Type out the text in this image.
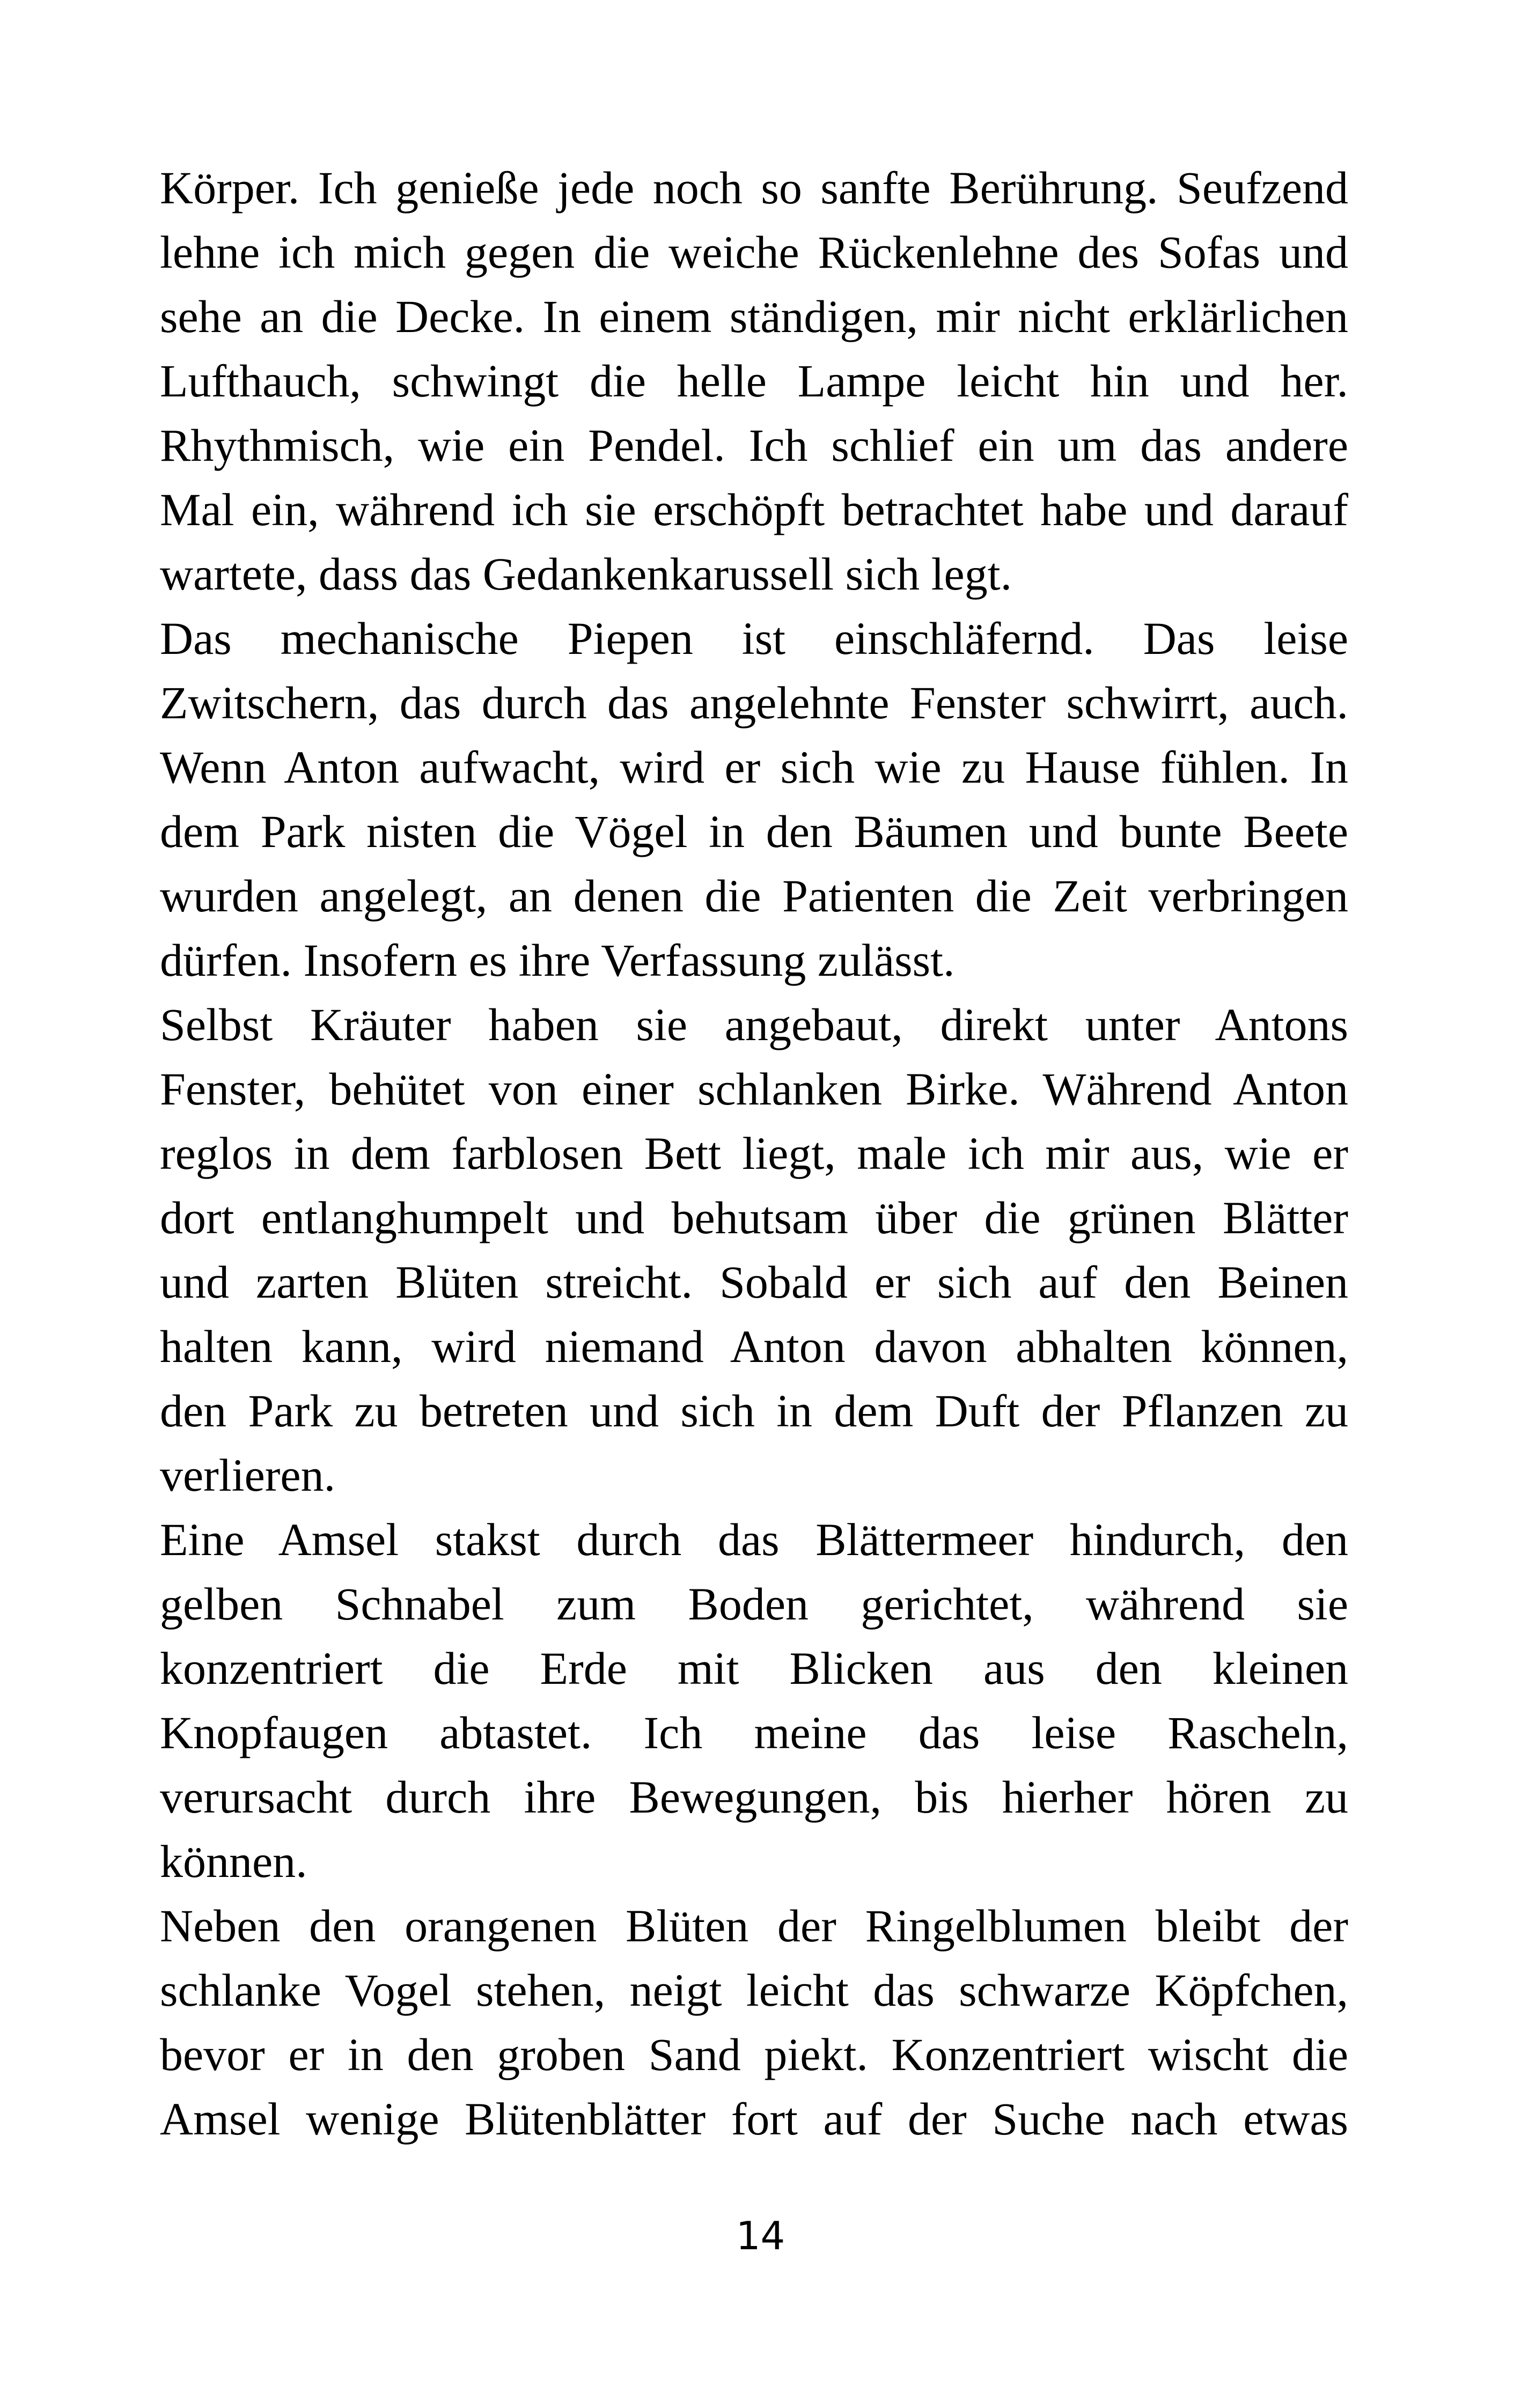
Körper. Ich genieße jede noch so sanfte Berührung. Seufzend
lehne ich mich gegen die weiche Rückenlehne des Sofas und
sehe an die Decke. In einem ständigen, mir nicht erklärlichen
Lufthauch, schwingt die helle Lampe leicht hin und her.
Rhythmisch, wie ein Pendel. Ich schlief ein um das andere
Mal ein, während ich sie erschöpft betrachtet habe und darauf
wartete, dass das Gedankenkarussell sich legt.
Das mechanische Piepen ist einschläfernd. Das leise
Zwitschern, das durch das angelehnte Fenster schwirrt, auch.
Wenn Anton aufwacht, wird er sich wie zu Hause fühlen. In
dem Park nisten die Vögel in den Bäumen und bunte Beete
wurden angelegt, an denen die Patienten die Zeit verbringen
dürfen. Insofern es ihre Verfassung zulässt.
Selbst Kräuter haben sie angebaut, direkt unter Antons
Fenster, behütet von einer schlanken Birke. Während Anton
reglos in dem farblosen Bett liegt, male ich mir aus, wie er
dort entlanghumpelt und behutsam über die grünen Blätter
und zarten Blüten streicht. Sobald er sich auf den Beinen
halten kann, wird niemand Anton davon abhalten können,
den Park zu betreten und sich in dem Duft der Pflanzen zu
verlieren.
Eine Amsel stakst durch das Blättermeer hindurch, den
gelben Schnabel zum Boden gerichtet, während sie
konzentriert die Erde mit Blicken aus den kleinen
Knopfaugen abtastet. Ich meine das leise Rascheln,
verursacht durch ihre Bewegungen, bis hierher hören zu
können.
Neben den orangenen Blüten der Ringelblumen bleibt der
schlanke Vogel stehen, neigt leicht das schwarze Köpfchen,
bevor er in den groben Sand piekt. Konzentriert wischt die
Amsel wenige Blütenblätter fort auf der Suche nach etwas
14
